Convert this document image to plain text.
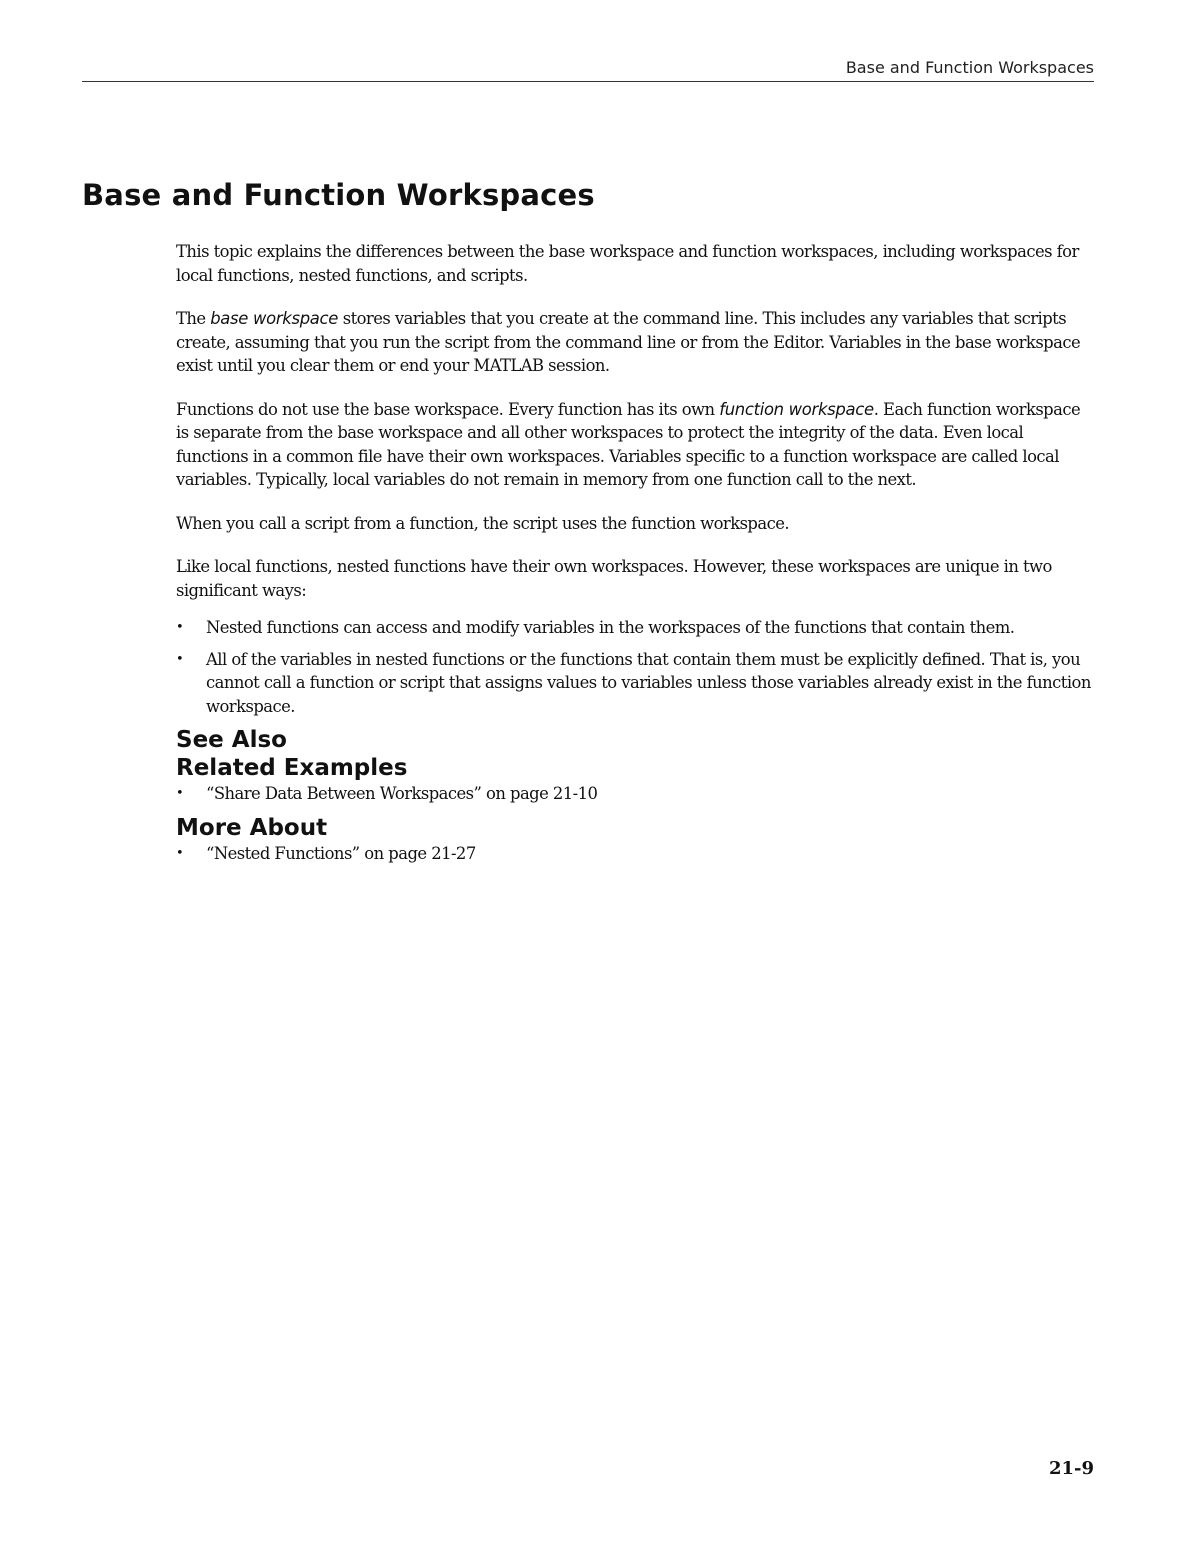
Base and Function Workspaces
Base and Function Workspaces

This topic explains the differences between the base workspace and function workspaces, including workspaces for local functions, nested functions, and scripts.

The base workspace stores variables that you create at the command line. This includes any variables that scripts create, assuming that you run the script from the command line or from the Editor. Variables in the base workspace exist until you clear them or end your MATLAB session.

Functions do not use the base workspace. Every function has its own function workspace. Each function workspace is separate from the base workspace and all other workspaces to protect the integrity of the data. Even local functions in a common file have their own workspaces. Variables specific to a function workspace are called local variables. Typically, local variables do not remain in memory from one function call to the next.

When you call a script from a function, the script uses the function workspace.

Like local functions, nested functions have their own workspaces. However, these workspaces are unique in two significant ways:

• Nested functions can access and modify variables in the workspaces of the functions that contain them.
• All of the variables in nested functions or the functions that contain them must be explicitly defined. That is, you cannot call a function or script that assigns values to variables unless those variables already exist in the function workspace.
See Also
Related Examples
• “Share Data Between Workspaces” on page 21-10
More About
• “Nested Functions” on page 21-27
21-9
